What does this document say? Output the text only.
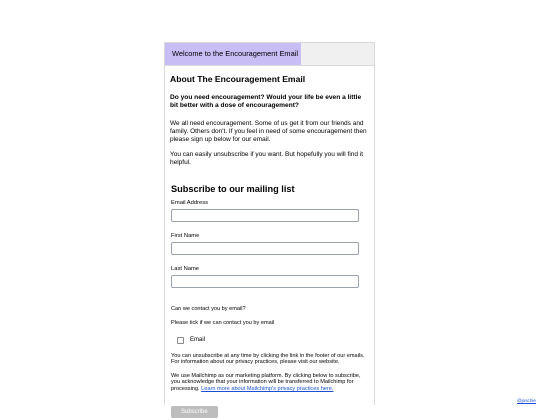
Welcome to the Encouragement Email
About The Encouragement Email

Do you need encouragement? Would your life be even a little bit better with a dose of encouragement?

We all need encouragement. Some of us get it from our friends and family. Others don't. If you feel in need of some encouragement then please sign up below for our email.

You can easily unsubscribe if you want. But hopefully you will find it helpful.

Subscribe to our mailing list
Email Address
First Name
Last Name
Can we contact you by email?
Please tick if we can contact you by email
Email
You can unsubscribe at any time by clicking the link in the footer of our emails. For information about our privacy practices, please visit our website.
We use Mailchimp as our marketing platform. By clicking below to subscribe, you acknowledge that your information will be transferred to Mailchimp for processing. Learn more about Mailchimp's privacy practices here.
Subscribe
@joschie
